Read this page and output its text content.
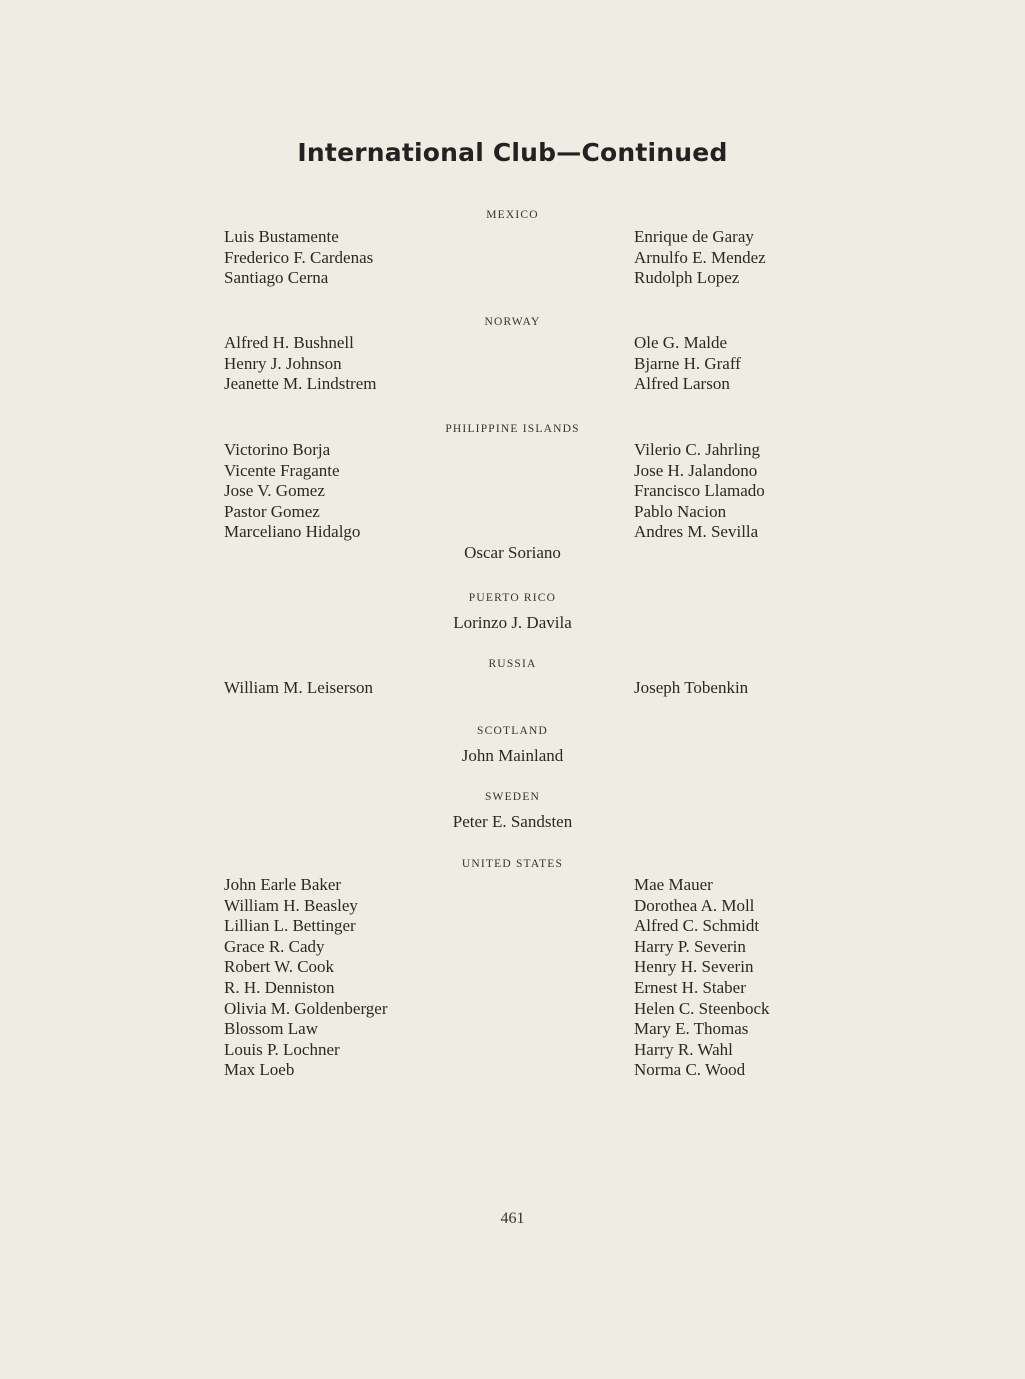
International Club—Continued
MEXICO
Luis Bustamente
Frederico F. Cardenas
Santiago Cerna
Enrique de Garay
Arnulfo E. Mendez
Rudolph Lopez
NORWAY
Alfred H. Bushnell
Henry J. Johnson
Jeanette M. Lindstrem
Ole G. Malde
Bjarne H. Graff
Alfred Larson
PHILIPPINE ISLANDS
Victorino Borja
Vicente Fragante
Jose V. Gomez
Pastor Gomez
Marceliano Hidalgo
Vilerio C. Jahrling
Jose H. Jalandono
Francisco Llamado
Pablo Nacion
Andres M. Sevilla
Oscar Soriano
PUERTO RICO
Lorinzo J. Davila
RUSSIA
William M. Leiserson	Joseph Tobenkin
SCOTLAND
John Mainland
SWEDEN
Peter E. Sandsten
UNITED STATES
John Earle Baker
William H. Beasley
Lillian L. Bettinger
Grace R. Cady
Robert W. Cook
R. H. Denniston
Olivia M. Goldenberger
Blossom Law
Louis P. Lochner
Max Loeb
Mae Mauer
Dorothea A. Moll
Alfred C. Schmidt
Harry P. Severin
Henry H. Severin
Ernest H. Staber
Helen C. Steenbock
Mary E. Thomas
Harry R. Wahl
Norma C. Wood
461
